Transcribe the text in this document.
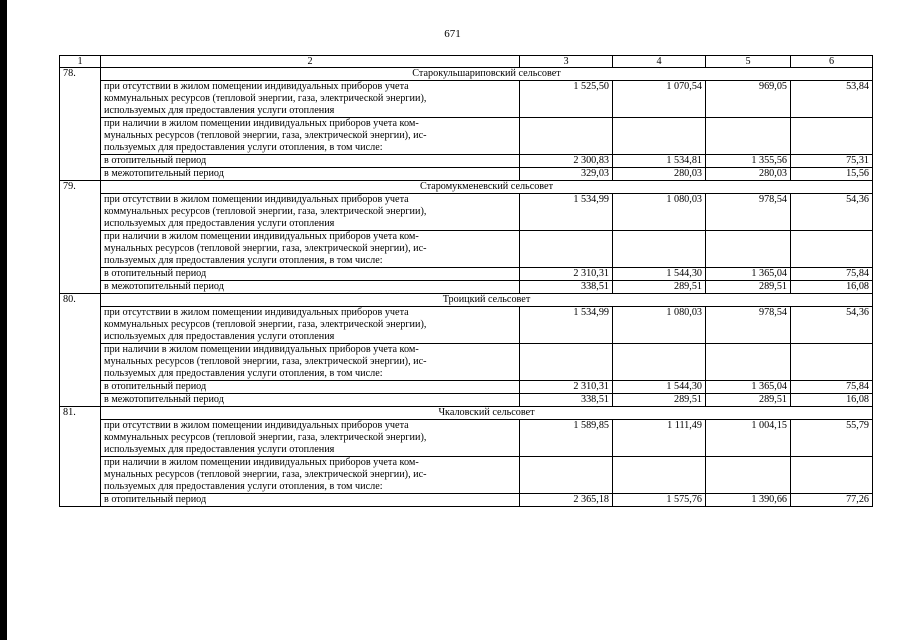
671
1	2	3	4	5	6
78.	Старокульшариповский сельсовет				

	при отсутствии в жилом помещении индивидуальных приборов учета
коммунальных ресурсов (тепловой энергии, газа, электрической энергии),
используемых для предоставления услуги отопления	1 525,50	1 070,54	969,05	53,84

	при наличии в жилом помещении индивидуальных приборов учета ком-
мунальных ресурсов (тепловой энергии, газа, электрической энергии), ис-
пользуемых для предоставления услуги отопления, в том числе:				

	в отопительный период	2 300,83	1 534,81	1 355,56	75,31

	в межотопительный период	329,03	280,03	280,03	15,56
79.	Старомукменевский сельсовет				

	при отсутствии в жилом помещении индивидуальных приборов учета
коммунальных ресурсов (тепловой энергии, газа, электрической энергии),
используемых для предоставления услуги отопления	1 534,99	1 080,03	978,54	54,36

	при наличии в жилом помещении индивидуальных приборов учета ком-
мунальных ресурсов (тепловой энергии, газа, электрической энергии), ис-
пользуемых для предоставления услуги отопления, в том числе:				

	в отопительный период	2 310,31	1 544,30	1 365,04	75,84

	в межотопительный период	338,51	289,51	289,51	16,08
80.	Троицкий сельсовет				

	при отсутствии в жилом помещении индивидуальных приборов учета
коммунальных ресурсов (тепловой энергии, газа, электрической энергии),
используемых для предоставления услуги отопления	1 534,99	1 080,03	978,54	54,36

	при наличии в жилом помещении индивидуальных приборов учета ком-
мунальных ресурсов (тепловой энергии, газа, электрической энергии), ис-
пользуемых для предоставления услуги отопления, в том числе:				

	в отопительный период	2 310,31	1 544,30	1 365,04	75,84

	в межотопительный период	338,51	289,51	289,51	16,08
81.	Чкаловский сельсовет				

	при отсутствии в жилом помещении индивидуальных приборов учета
коммунальных ресурсов (тепловой энергии, газа, электрической энергии),
используемых для предоставления услуги отопления	1 589,85	1 111,49	1 004,15	55,79

	при наличии в жилом помещении индивидуальных приборов учета ком-
мунальных ресурсов (тепловой энергии, газа, электрической энергии), ис-
пользуемых для предоставления услуги отопления, в том числе:				

	в отопительный период	2 365,18	1 575,76	1 390,66	77,26
